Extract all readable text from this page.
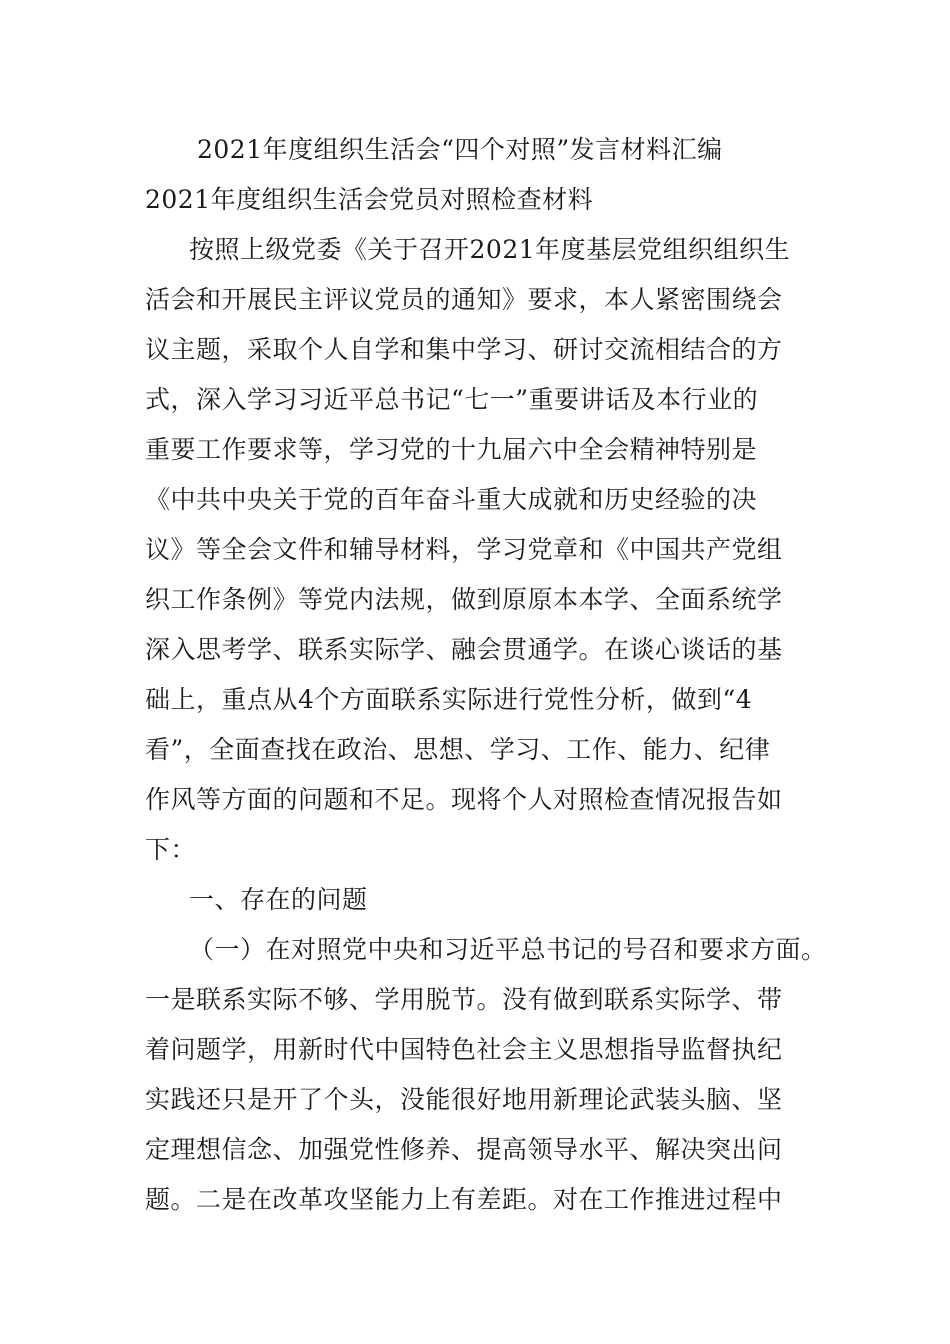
2021年度组织生活会“四个对照”发言材料汇编
2021年度组织生活会党员对照检查材料
按照上级党委《关于召开2021年度基层党组织组织生
活会和开展民主评议党员的通知》要求，本人紧密围绕会
议主题，采取个人自学和集中学习、研讨交流相结合的方
式，深入学习习近平总书记“七一”重要讲话及本行业的
重要工作要求等，学习党的十九届六中全会精神特别是
《中共中央关于党的百年奋斗重大成就和历史经验的决
议》等全会文件和辅导材料，学习党章和《中国共产党组
织工作条例》等党内法规，做到原原本本学、全面系统学
深入思考学、联系实际学、融会贯通学。在谈心谈话的基
础上，重点从4个方面联系实际进行党性分析，做到“4
看”，全面查找在政治、思想、学习、工作、能力、纪律
作风等方面的问题和不足。现将个人对照检查情况报告如
下：
一、存在的问题
（一）在对照党中央和习近平总书记的号召和要求方面。
一是联系实际不够、学用脱节。没有做到联系实际学、带
着问题学，用新时代中国特色社会主义思想指导监督执纪
实践还只是开了个头，没能很好地用新理论武装头脑、坚
定理想信念、加强党性修养、提高领导水平、解决突出问
题。二是在改革攻坚能力上有差距。对在工作推进过程中
